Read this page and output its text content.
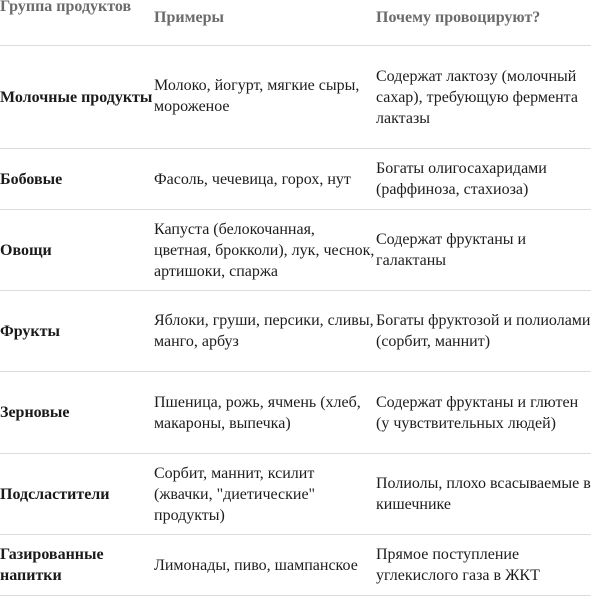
Группа продуктов	Примеры	Почему провоцируют?
Молочные продукты	Молоко, йогурт, мягкие сыры, мороженое	Содержат лактозу (молочный сахар), требующую фермента лактазы
Бобовые	Фасоль, чечевица, горох, нут	Богаты олигосахаридами (раффиноза, стахиоза)
Овощи	Капуста (белокочанная, цветная, брокколи), лук, чеснок, артишоки, спаржа	Содержат фруктаны и галактаны
Фрукты	Яблоки, груши, персики, сливы, манго, арбуз	Богаты фруктозой и полиолами (сорбит, маннит)
Зерновые	Пшеница, рожь, ячмень (хлеб, макароны, выпечка)	Содержат фруктаны и глютен (у чувствительных людей)
Подсластители	Сорбит, маннит, ксилит (жвачки, "диетические" продукты)	Полиолы, плохо всасываемые в кишечнике
Газированные напитки	Лимонады, пиво, шампанское	Прямое поступление углекислого газа в ЖКТ
